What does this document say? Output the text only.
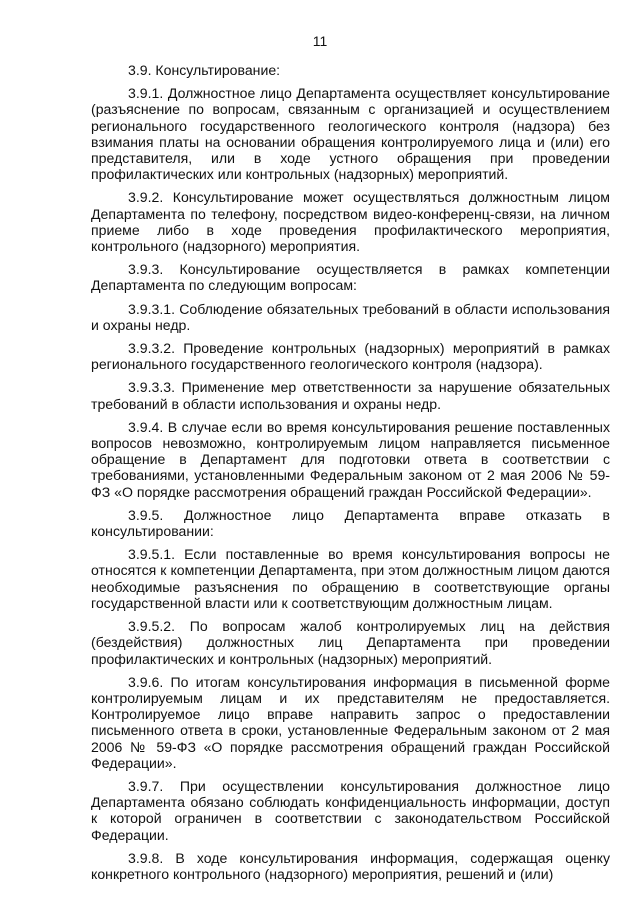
11

3.9. Консультирование:

3.9.1. Должностное лицо Департамента осуществляет консультирование (разъяснение по вопросам, связанным с организацией и осуществлением регионального государственного геологического контроля (надзора) без взимания платы на основании обращения контролируемого лица и (или) его представителя, или в ходе устного обращения при проведении профилактических или контрольных (надзорных) мероприятий.

3.9.2. Консультирование может осуществляться должностным лицом Департамента по телефону, посредством видео-конференц-связи, на личном приеме либо в ходе проведения профилактического мероприятия, контрольного (надзорного) мероприятия.

3.9.3. Консультирование осуществляется в рамках компетенции Департамента по следующим вопросам:

3.9.3.1. Соблюдение обязательных требований в области использования и охраны недр.

3.9.3.2. Проведение контрольных (надзорных) мероприятий в рамках регионального государственного геологического контроля (надзора).

3.9.3.3. Применение мер ответственности за нарушение обязательных требований в области использования и охраны недр.

3.9.4. В случае если во время консультирования решение поставленных вопросов невозможно, контролируемым лицом направляется письменное обращение в Департамент для подготовки ответа в соответствии с требованиями, установленными Федеральным законом от 2 мая 2006 № 59-ФЗ «О порядке рассмотрения обращений граждан Российской Федерации».

3.9.5. Должностное лицо Департамента вправе отказать в консультировании:

3.9.5.1. Если поставленные во время консультирования вопросы не относятся к компетенции Департамента, при этом должностным лицом даются необходимые разъяснения по обращению в соответствующие органы государственной власти или к соответствующим должностным лицам.

3.9.5.2. По вопросам жалоб контролируемых лиц на действия (бездействия) должностных лиц Департамента при проведении профилактических и контрольных (надзорных) мероприятий.

3.9.6. По итогам консультирования информация в письменной форме контролируемым лицам и их представителям не предоставляется. Контролируемое лицо вправе направить запрос о предоставлении письменного ответа в сроки, установленные Федеральным законом от 2 мая 2006 № 59-ФЗ «О порядке рассмотрения обращений граждан Российской Федерации».

3.9.7. При осуществлении консультирования должностное лицо Департамента обязано соблюдать конфиденциальность информации, доступ к которой ограничен в соответствии с законодательством Российской Федерации.

3.9.8. В ходе консультирования информация, содержащая оценку конкретного контрольного (надзорного) мероприятия, решений и (или)
